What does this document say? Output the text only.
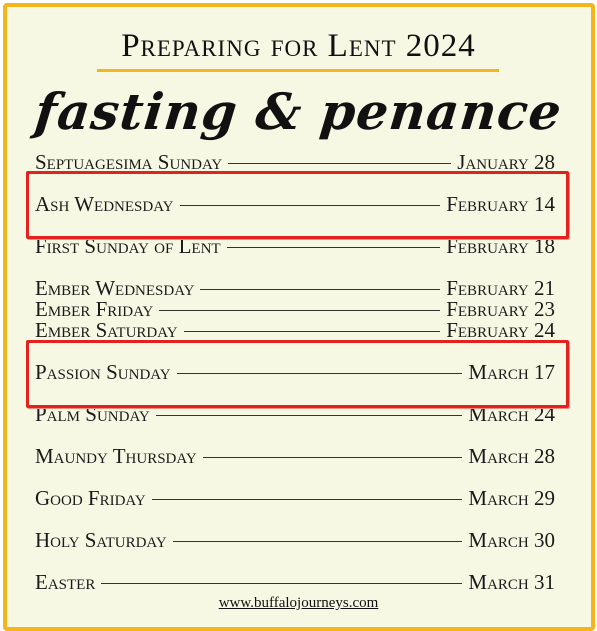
Preparing for Lent 2024
fasting & penance
Septuagesima Sunday	January 28
Ash Wednesday	February 14
First Sunday of Lent	February 18
Ember Wednesday	February 21
Ember Friday	February 23
Ember Saturday	February 24
Passion Sunday	March 17
Palm Sunday	March 24
Maundy Thursday	March 28
Good Friday	March 29
Holy Saturday	March 30
Easter	March 31
www.buffalojourneys.com
